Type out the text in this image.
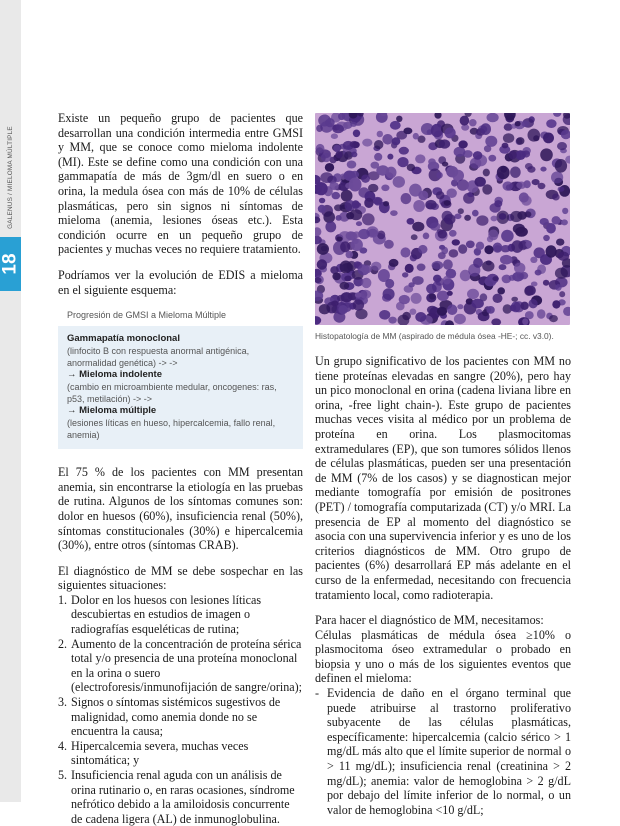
GALENUS / MIELOMA MÚLTIPLE
18

Existe un pequeño grupo de pacientes que desarrollan una condición intermedia entre GMSI y MM, que se conoce como mieloma indolente (MI). Este se define como una condición con una gammapatía de más de 3gm/dl en suero o en orina, la medula ósea con más de 10% de células plasmáticas, pero sin signos ni síntomas de mieloma (anemia, lesiones óseas etc.). Esta condición ocurre en un pequeño grupo de pacientes y muchas veces no requiere tratamiento.

Podríamos ver la evolución de EDIS a mieloma en el siguiente esquema:

Progresión de GMSI a Mieloma Múltiple
Gammapatía monoclonal
(linfocito B con respuesta anormal antigénica, anormalidad genética) -> ->
→ Mieloma indolente
(cambio en microambiente medular, oncogenes: ras, p53, metilación) -> ->
→ Mieloma múltiple
(lesiones líticas en hueso, hipercalcemia, fallo renal, anemia)

El 75 % de los pacientes con MM presentan anemia, sin encontrarse la etiología en las pruebas de rutina. Algunos de los síntomas comunes son: dolor en huesos (60%), insuficiencia renal (50%), síntomas constitucionales (30%) e hipercalcemia (30%), entre otros (síntomas CRAB).

El diagnóstico de MM se debe sospechar en las siguientes situaciones:

1. Dolor en los huesos con lesiones líticas descubiertas en estudios de imagen o radiografías esqueléticas de rutina;
2. Aumento de la concentración de proteína sérica total y/o presencia de una proteína monoclonal en la orina o suero (electroforesis/inmunofijación de sangre/orina);
3. Signos o síntomas sistémicos sugestivos de malignidad, como anemia donde no se encuentra la causa;
4. Hipercalcemia severa, muchas veces sintomática; y
5. Insuficiencia renal aguda con un análisis de orina rutinario o, en raras ocasiones, síndrome nefrótico debido a la amiloidosis concurrente de cadena ligera (AL) de inmunoglobulina.
Histopatología de MM (aspirado de médula ósea -HE-; cc. v3.0).

Un grupo significativo de los pacientes con MM no tiene proteínas elevadas en sangre (20%), pero hay un pico monoclonal en orina (cadena liviana libre en orina, -free light chain-). Este grupo de pacientes muchas veces visita al médico por un problema de proteína en orina. Los plasmocitomas extramedulares (EP), que son tumores sólidos llenos de células plasmáticas, pueden ser una presentación de MM (7% de los casos) y se diagnostican mejor mediante tomografía por emisión de positrones (PET) / tomografía computarizada (CT) y/o MRI. La presencia de EP al momento del diagnóstico se asocia con una supervivencia inferior y es uno de los criterios diagnósticos de MM. Otro grupo de pacientes (6%) desarrollará EP más adelante en el curso de la enfermedad, necesitando con frecuencia tratamiento local, como radioterapia.

Para hacer el diagnóstico de MM, necesitamos:

Células plasmáticas de médula ósea ≥10% o plasmocitoma óseo extramedular o probado en biopsia y uno o más de los siguientes eventos que definen el mieloma:

- Evidencia de daño en el órgano terminal que puede atribuirse al trastorno proliferativo subyacente de las células plasmáticas, específicamente: hipercalcemia (calcio sérico > 1 mg/dL más alto que el límite superior de normal o > 11 mg/dL); insuficiencia renal (creatinina > 2 mg/dL); anemia: valor de hemoglobina > 2 g/dL por debajo del límite inferior de lo normal, o un valor de hemoglobina <10 g/dL;
